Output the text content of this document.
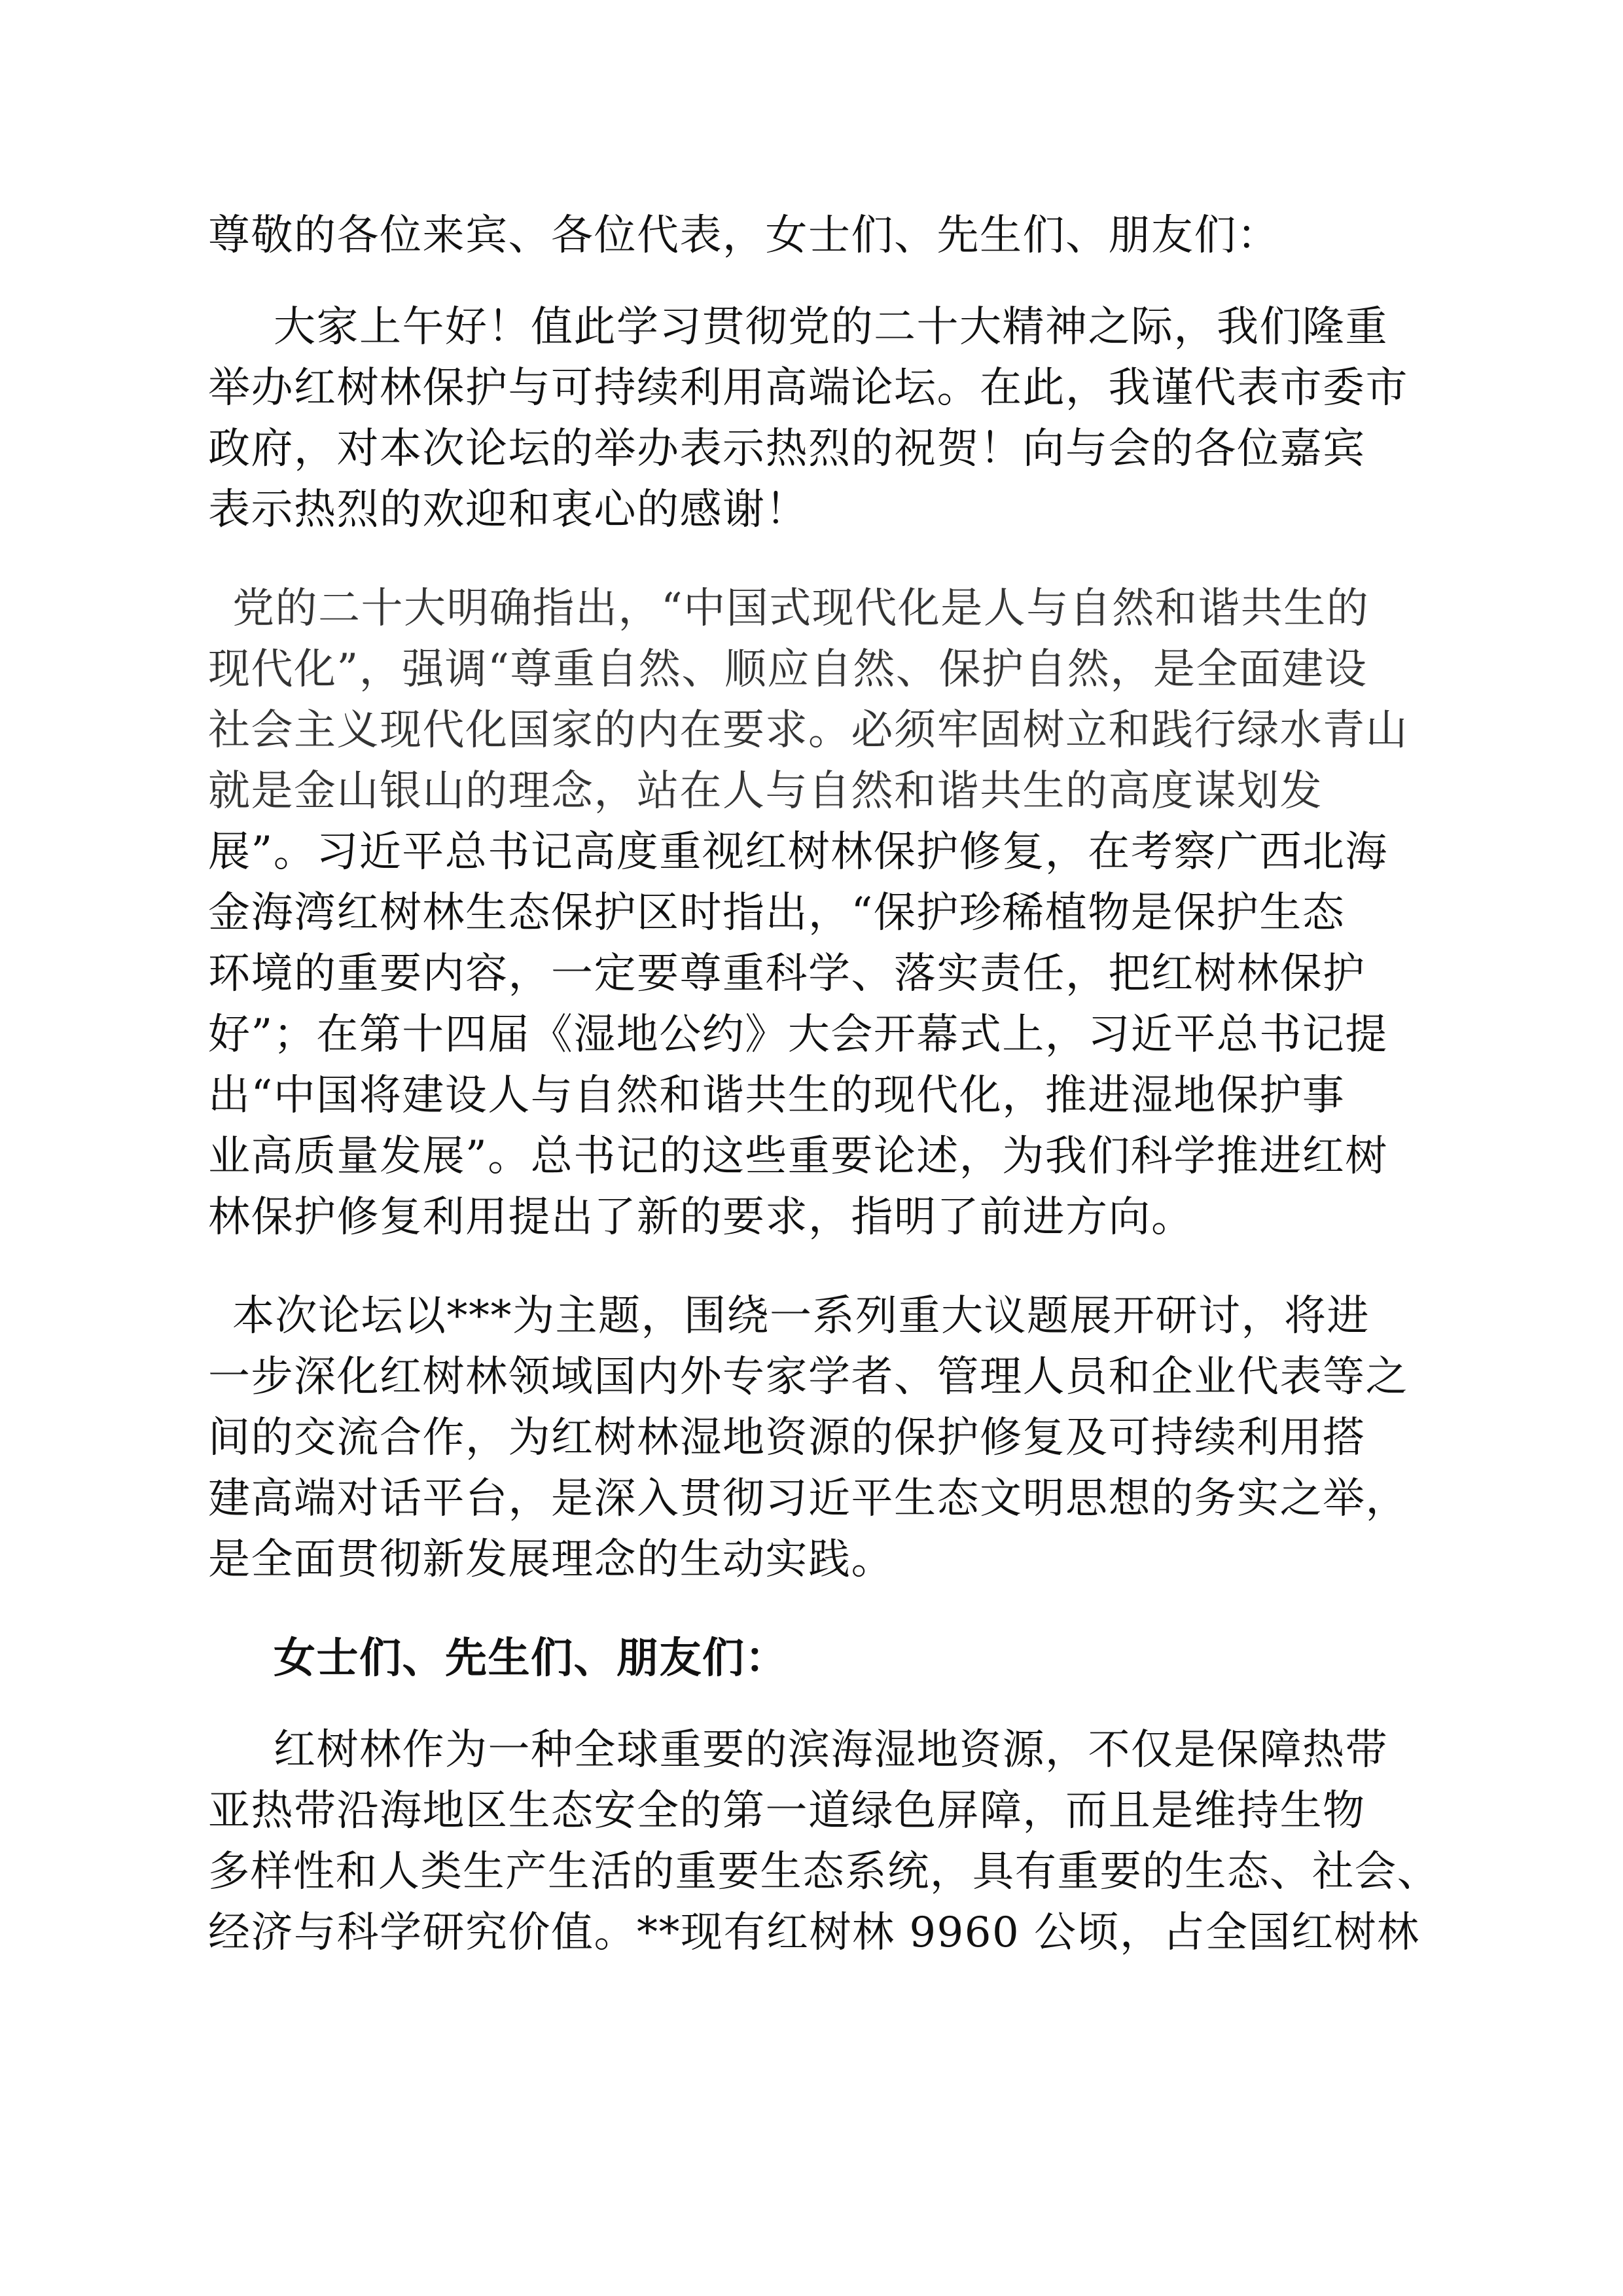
尊敬的各位来宾、各位代表，女士们、先生们、朋友们：
大家上午好！值此学习贯彻党的二十大精神之际，我们隆重
举办红树林保护与可持续利用高端论坛。在此，我谨代表市委市
政府，对本次论坛的举办表示热烈的祝贺！向与会的各位嘉宾
表示热烈的欢迎和衷心的感谢！
党的二十大明确指出，“中国式现代化是人与自然和谐共生的
现代化”，强调“尊重自然、顺应自然、保护自然，是全面建设
社会主义现代化国家的内在要求。必须牢固树立和践行绿水青山
就是金山银山的理念，站在人与自然和谐共生的高度谋划发
展”。习近平总书记高度重视红树林保护修复，在考察广西北海
金海湾红树林生态保护区时指出，“保护珍稀植物是保护生态
环境的重要内容，一定要尊重科学、落实责任，把红树林保护
好”；在第十四届《湿地公约》大会开幕式上，习近平总书记提
出“中国将建设人与自然和谐共生的现代化，推进湿地保护事
业高质量发展”。总书记的这些重要论述，为我们科学推进红树
林保护修复利用提出了新的要求，指明了前进方向。
本次论坛以***为主题，围绕一系列重大议题展开研讨，将进
一步深化红树林领域国内外专家学者、管理人员和企业代表等之
间的交流合作，为红树林湿地资源的保护修复及可持续利用搭
建高端对话平台，是深入贯彻习近平生态文明思想的务实之举，
是全面贯彻新发展理念的生动实践。
女士们、先生们、朋友们：
红树林作为一种全球重要的滨海湿地资源，不仅是保障热带
亚热带沿海地区生态安全的第一道绿色屏障，而且是维持生物
多样性和人类生产生活的重要生态系统，具有重要的生态、社会、
经济与科学研究价值。**现有红树林 9960 公顷，占全国红树林
